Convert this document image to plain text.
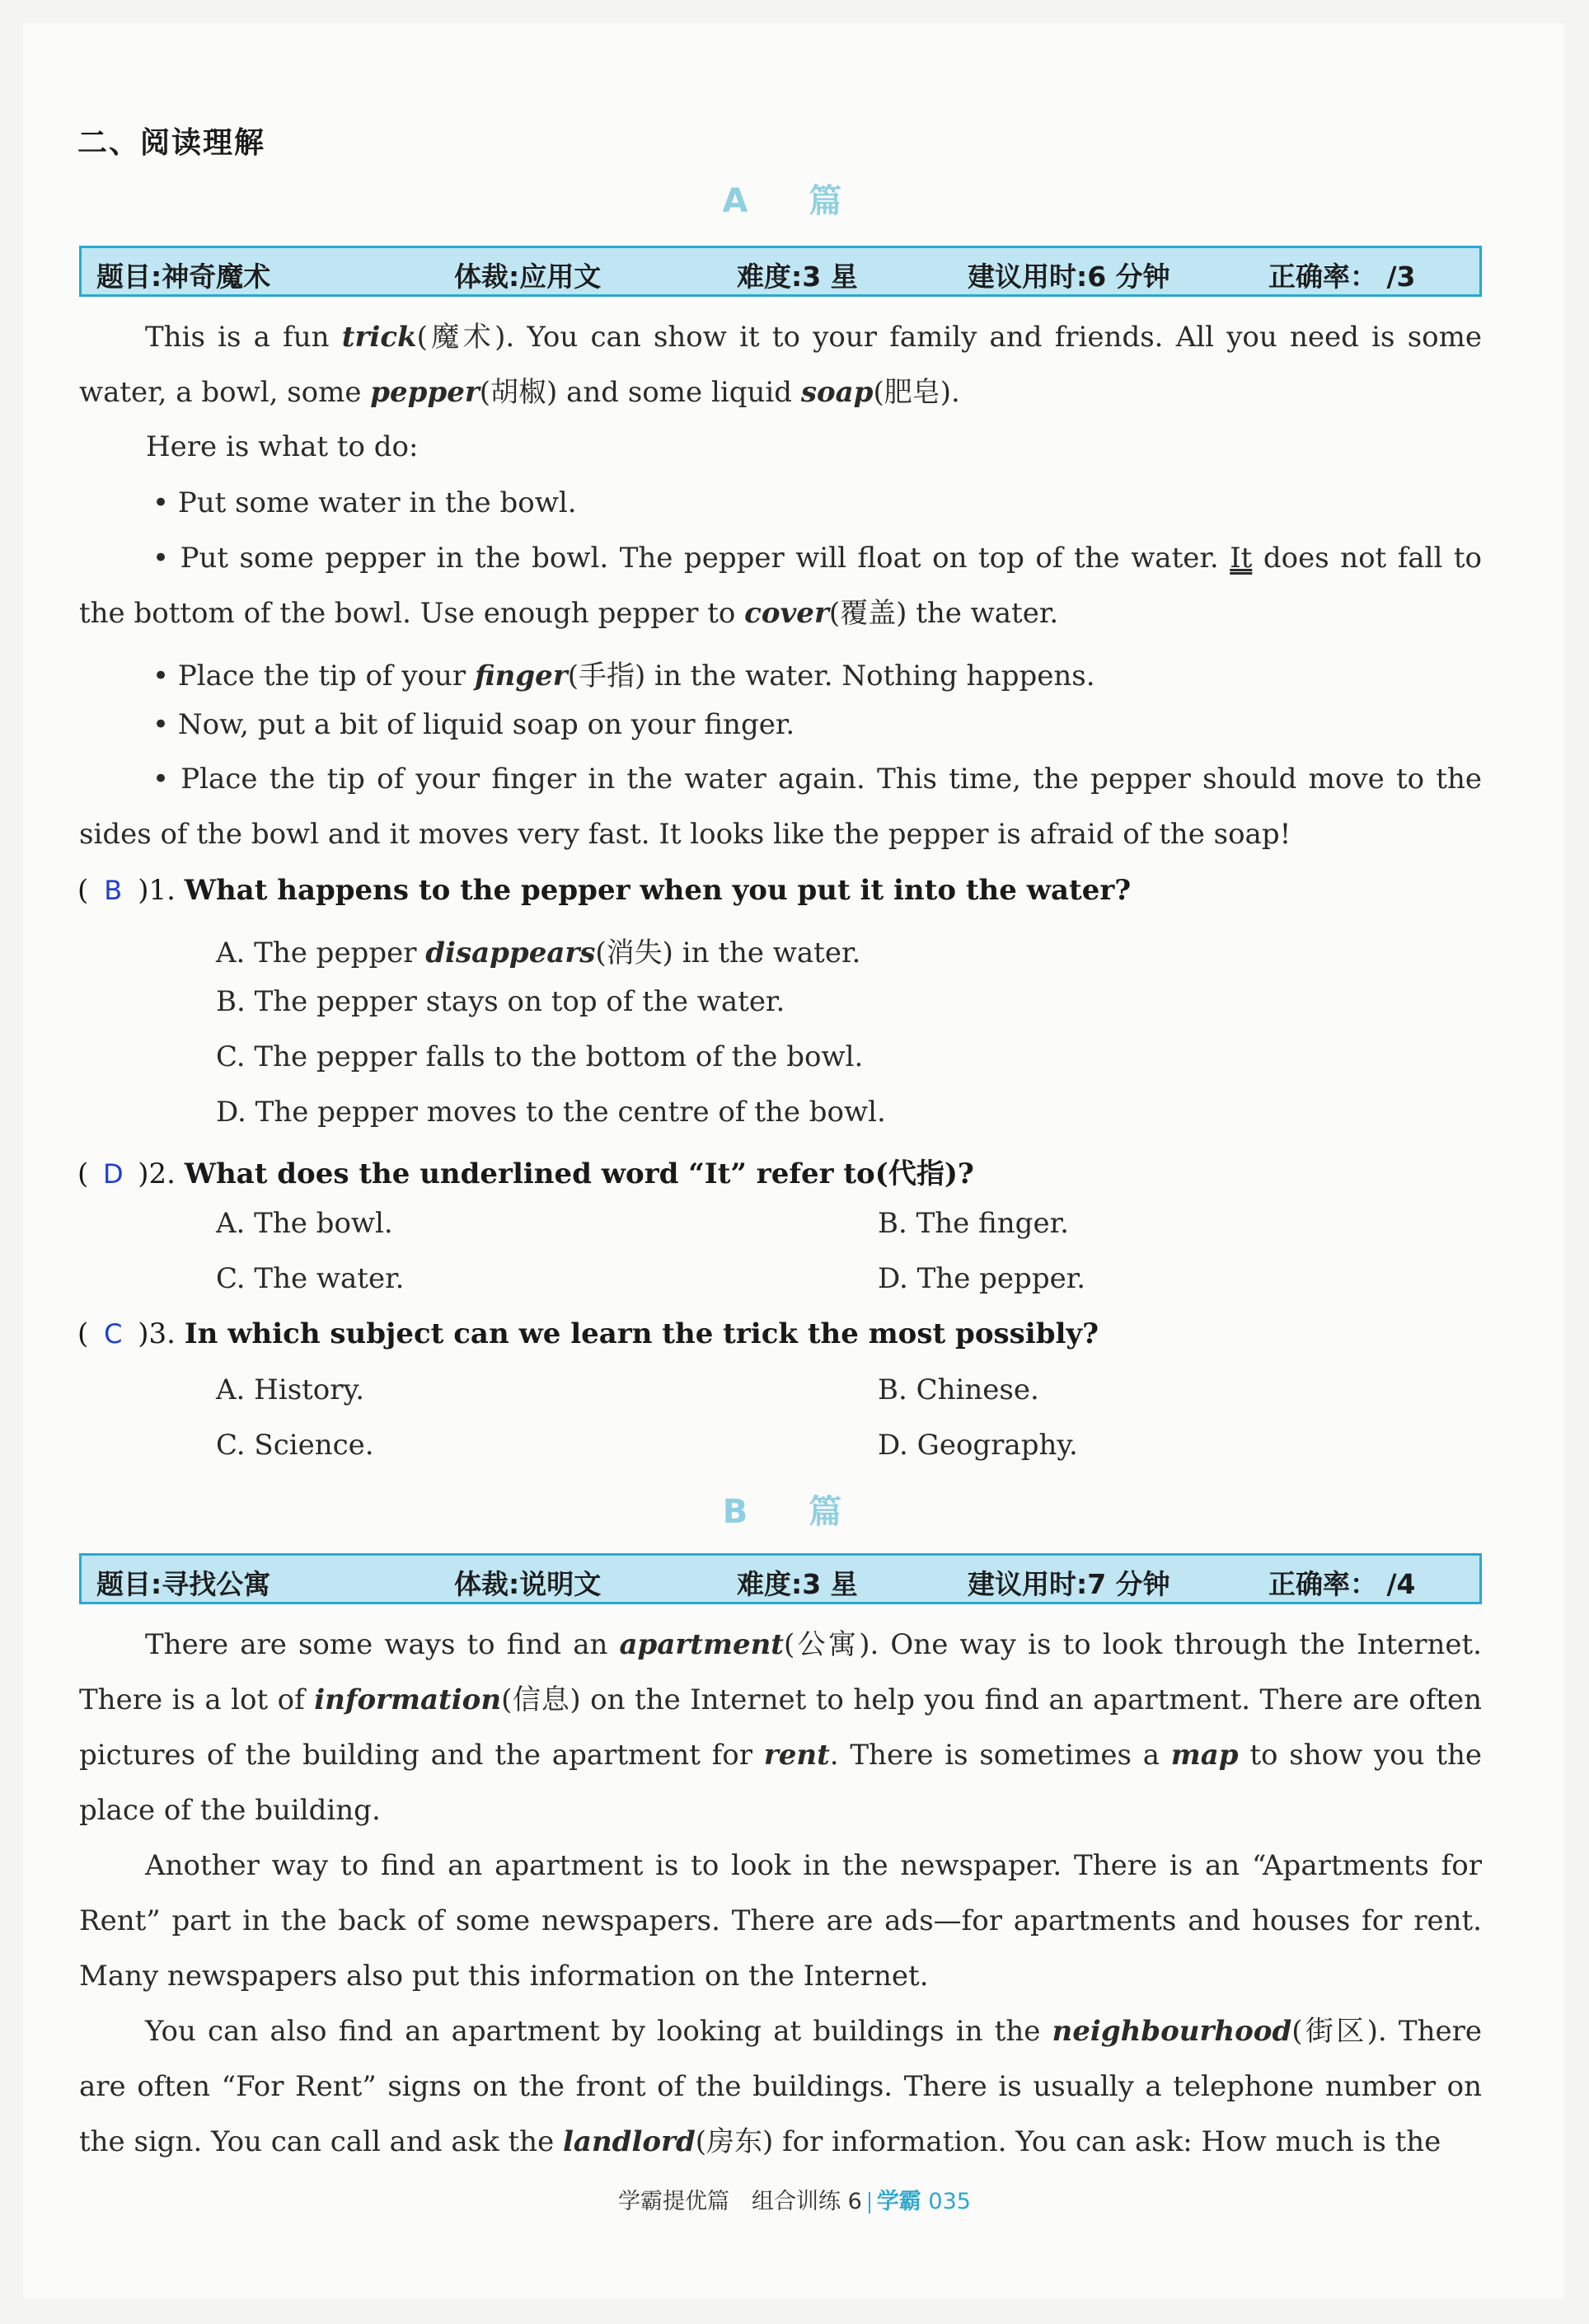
二、阅读理解
A 篇
题目:神奇魔术	体裁:应用文	难度:3 星	建议用时:6 分钟	正确率： /3
This is a fun trick(魔术). You can show it to your family and friends. All you need is some water, a bowl, some pepper(胡椒) and some liquid soap(肥皂).
Here is what to do:
• Put some water in the bowl.
• Put some pepper in the bowl. The pepper will float on top of the water. It does not fall to the bottom of the bowl. Use enough pepper to cover(覆盖) the water.
• Place the tip of your finger(手指) in the water. Nothing happens.
• Now, put a bit of liquid soap on your finger.
• Place the tip of your finger in the water again. This time, the pepper should move to the sides of the bowl and it moves very fast. It looks like the pepper is afraid of the soap!
( B )1. What happens to the pepper when you put it into the water?
A. The pepper disappears(消失) in the water.
B. The pepper stays on top of the water.
C. The pepper falls to the bottom of the bowl.
D. The pepper moves to the centre of the bowl.
( D )2. What does the underlined word “It” refer to(代指)?
A. The bowl.	B. The finger.
C. The water.	D. The pepper.
( C )3. In which subject can we learn the trick the most possibly?
A. History.	B. Chinese.
C. Science.	D. Geography.
B 篇
题目:寻找公寓	体裁:说明文	难度:3 星	建议用时:7 分钟	正确率： /4
There are some ways to find an apartment(公寓). One way is to look through the Internet. There is a lot of information(信息) on the Internet to help you find an apartment. There are often pictures of the building and the apartment for rent. There is sometimes a map to show you the place of the building.
Another way to find an apartment is to look in the newspaper. There is an “Apartments for Rent” part in the back of some newspapers. There are ads—for apartments and houses for rent. Many newspapers also put this information on the Internet.
You can also find an apartment by looking at buildings in the neighbourhood(街区). There are often “For Rent” signs on the front of the buildings. There is usually a telephone number on the sign. You can call and ask the landlord(房东) for information. You can ask: How much is the
学霸提优篇　组合训练 6 学霸 035
